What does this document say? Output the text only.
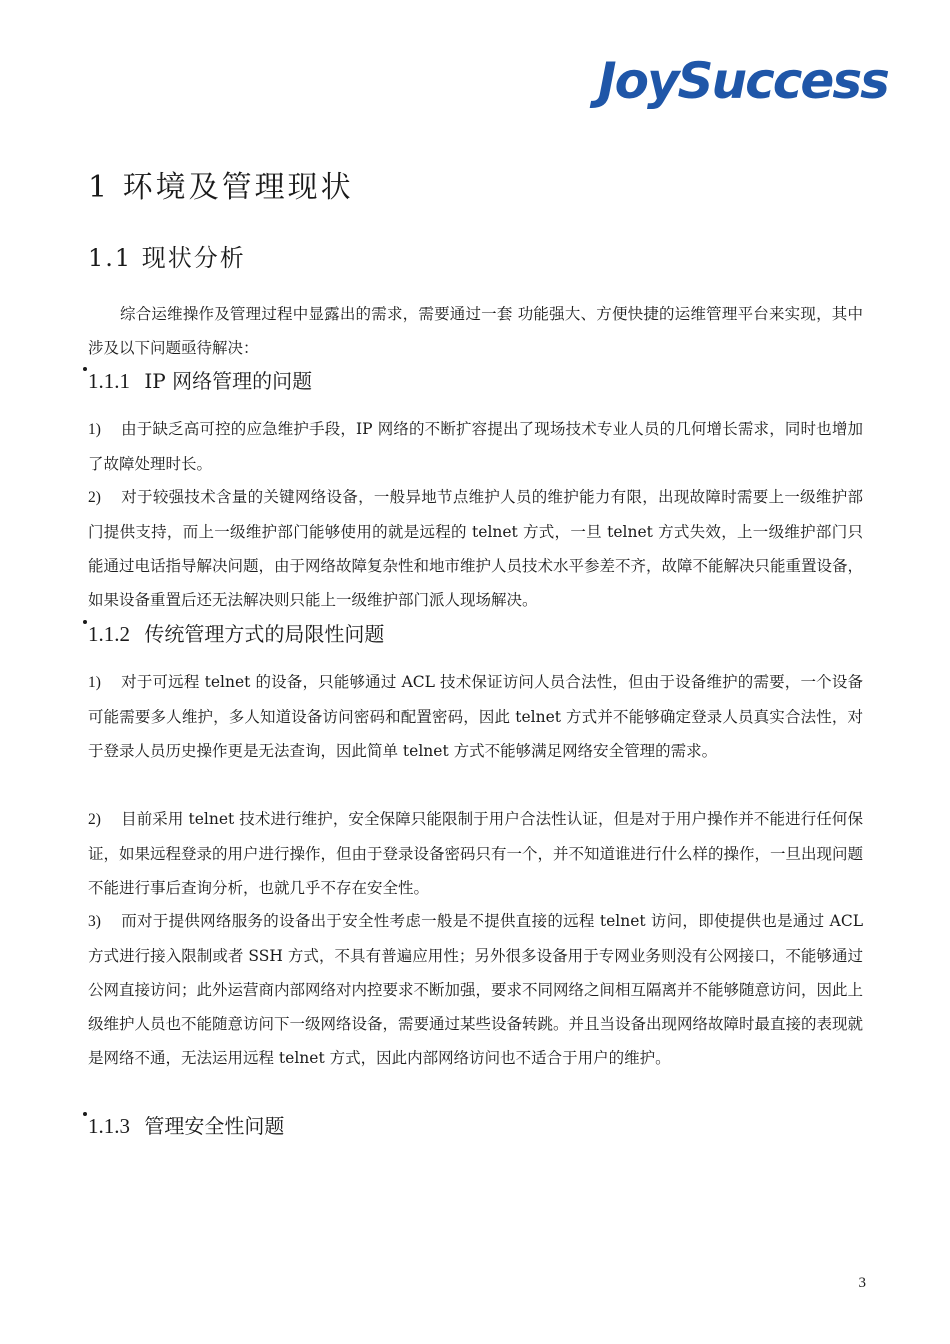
JoySuccess
1 环境及管理现状
1.1 现状分析

综合运维操作及管理过程中显露出的需求，需要通过一套 功能强大、方便快捷的运维管理平台来实现，其中涉及以下问题亟待解决：

1.1.1 IP 网络管理的问题

1) 由于缺乏高可控的应急维护手段，IP 网络的不断扩容提出了现场技术专业人员的几何增长需求，同时也增加了故障处理时长。

2) 对于较强技术含量的关键网络设备，一般异地节点维护人员的维护能力有限，出现故障时需要上一级维护部门提供支持，而上一级维护部门能够使用的就是远程的 telnet 方式，一旦 telnet 方式失效，上一级维护部门只能通过电话指导解决问题，由于网络故障复杂性和地市维护人员技术水平参差不齐，故障不能解决只能重置设备，如果设备重置后还无法解决则只能上一级维护部门派人现场解决。

1.1.2 传统管理方式的局限性问题

1) 对于可远程 telnet 的设备，只能够通过 ACL 技术保证访问人员合法性，但由于设备维护的需要，一个设备可能需要多人维护，多人知道设备访问密码和配置密码，因此 telnet 方式并不能够确定登录人员真实合法性，对于登录人员历史操作更是无法查询，因此简单 telnet 方式不能够满足网络安全管理的需求。

2) 目前采用 telnet 技术进行维护，安全保障只能限制于用户合法性认证，但是对于用户操作并不能进行任何保证，如果远程登录的用户进行操作，但由于登录设备密码只有一个，并不知道谁进行什么样的操作，一旦出现问题不能进行事后查询分析，也就几乎不存在安全性。

3) 而对于提供网络服务的设备出于安全性考虑一般是不提供直接的远程 telnet 访问，即使提供也是通过 ACL 方式进行接入限制或者 SSH 方式，不具有普遍应用性；另外很多设备用于专网业务则没有公网接口，不能够通过公网直接访问；此外运营商内部网络对内控要求不断加强，要求不同网络之间相互隔离并不能够随意访问，因此上级维护人员也不能随意访问下一级网络设备，需要通过某些设备转跳。并且当设备出现网络故障时最直接的表现就是网络不通，无法运用远程 telnet 方式，因此内部网络访问也不适合于用户的维护。

1.1.3 管理安全性问题
3
